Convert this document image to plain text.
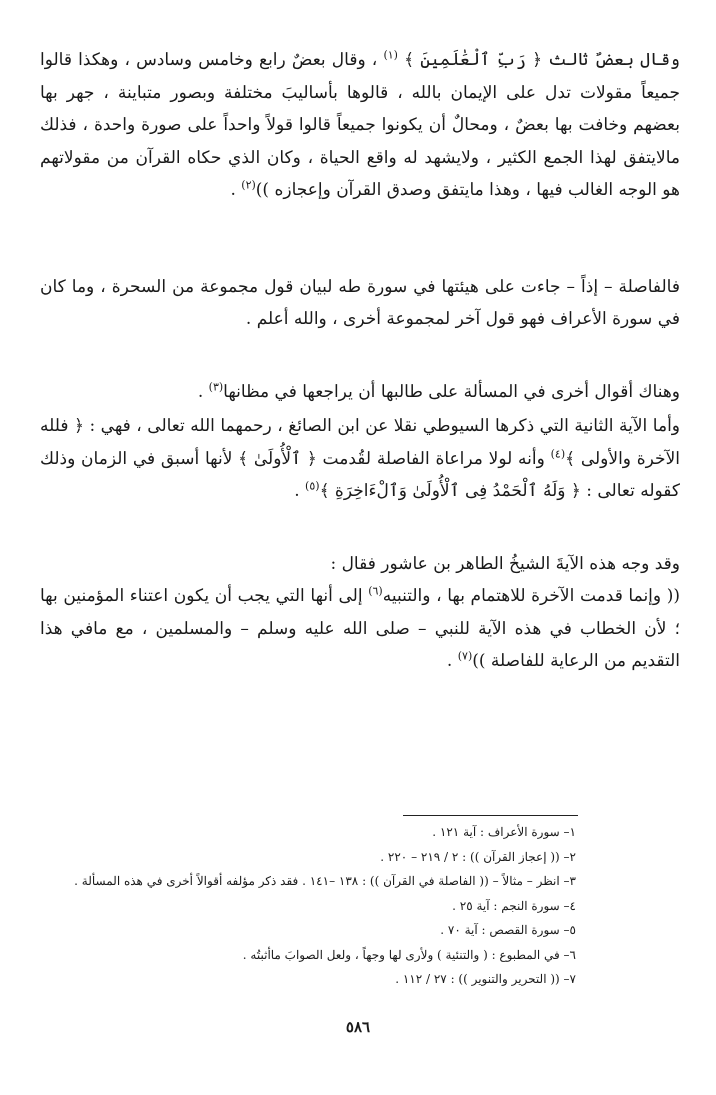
وقال بعضٌ ثالث ﴿ رَبِّ ٱلْعَٰلَمِينَ ﴾ $^{(١)}$ ، وقال بعضٌ رابع وخامس وسادس ، وهكذا قالوا جميعاً مقولات تدل على الإيمان بالله ، قالوها بأساليبَ مختلفة وبصور متباينة ، جهر بها بعضهم وخافت بها بعضٌ ، ومحالٌ أن يكونوا جميعاً قالوا قولاً واحداً على صورة واحدة ، فذلك مالايتفق لهذا الجمع الكثير ، ولايشهد له واقع الحياة ، وكان الذي حكاه القرآن من مقولاتهم هو الوجه الغالب فيها ، وهذا مايتفق وصدق القرآن وإعجازه ))$^{(٢)}$ .

فالفاصلة – إذاً – جاءت على هيئتها في سورة طه لبيان قول مجموعة من السحرة ، وما كان في سورة الأعراف فهو قول آخر لمجموعة أخرى ، والله أعلم .

وهناك أقوال أخرى في المسألة على طالبها أن يراجعها في مظانها$^{(٣)}$ .

وأما الآية الثانية التي ذكرها السيوطي نقلا عن ابن الصائغ ، رحمهما الله تعالى ، فهي : ﴿ فلله الآخرة والأولى ﴾$^{(٤)}$ وأنه لولا مراعاة الفاصلة لقُدمت ﴿ ٱلْأُولَىٰ ﴾ لأنها أسبق في الزمان وذلك كقوله تعالى : ﴿ وَلَهُ ٱلْحَمْدُ فِى ٱلْأُولَىٰ وَٱلْءَاخِرَةِ ﴾$^{(٥)}$ .

وقد وجه هذه الآيةَ الشيخُ الطاهر بن عاشور فقال :

(( وإنما قدمت الآخرة للاهتمام بها ، والتنبيه$^{(٦)}$ إلى أنها التي يجب أن يكون اعتناء المؤمنين بها ؛ لأن الخطاب في هذه الآية للنبي – صلى الله عليه وسلم – والمسلمين ، مع مافي هذا التقديم من الرعاية للفاصلة ))$^{(٧)}$ .

١– سورة الأعراف : آية ١٢١ .

٢– (( إعجاز القرآن )) : ٢ / ٢١٩ – ٢٢٠ .

٣– انظر – مثالاً – (( الفاصلة في القرآن )) : ١٣٨ –١٤١ . فقد ذكر مؤلفه أقوالاً أخرى في هذه المسألة .

٤– سورة النجم : آية ٢٥ .

٥– سورة القصص : آية ٧٠ .

٦– في المطبوع : ( والتنئية ) ولأرى لها وجهاً ، ولعل الصوابَ ماأثبتُه .

٧– (( التحرير والتنوير )) : ٢٧ / ١١٢ .

٥٨٦
